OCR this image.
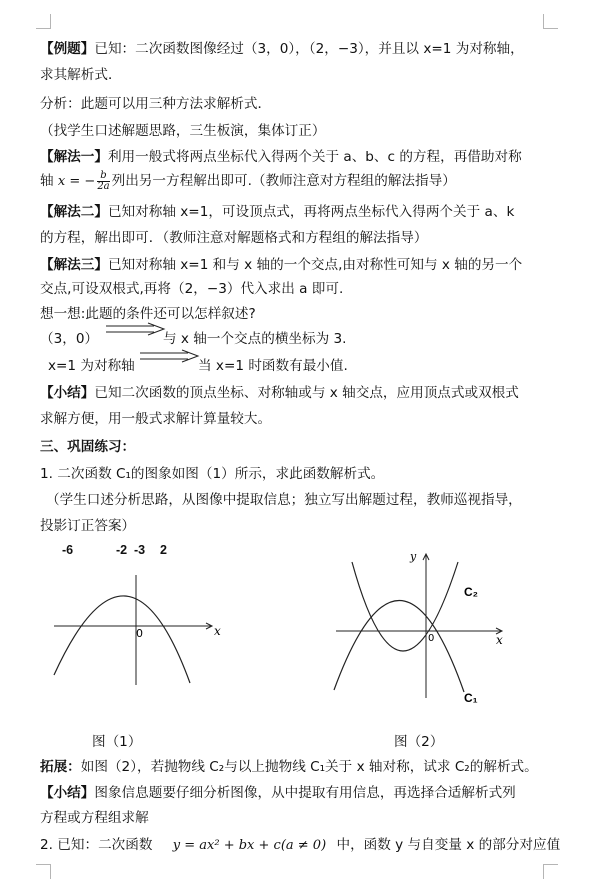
【例题】已知：二次函数图像经过（3，0），（2，−3），并且以 x=1 为对称轴，
求其解析式．
分析：此题可以用三种方法求解析式．
（找学生口述解题思路，三生板演，集体订正）
【解法一】利用一般式将两点坐标代入得两个关于 a、b、c 的方程，再借助对称
轴 x = − $\frac{b}{2a}$ 列出另一方程解出即可.（教师注意对方程组的解法指导）
【解法二】已知对称轴 x=1，可设顶点式，再将两点坐标代入得两个关于 a、k
的方程，解出即可．（教师注意对解题格式和方程组的解法指导）
【解法三】已知对称轴 x=1 和与 x 轴的一个交点,由对称性可知与 x 轴的另一个
交点,可设双根式,再将（2，−3）代入求出 a 即可.
想一想:此题的条件还可以怎样叙述?
（3，0）	与 x 轴一个交点的横坐标为 3.
x=1 为对称轴	当 x=1 时函数有最小值.
【小结】已知二次函数的顶点坐标、对称轴或与 x 轴交点，应用顶点式或双根式
求解方便，用一般式求解计算量较大。
三、巩固练习：
1. 二次函数 C₁的图象如图（1）所示，求此函数解析式。
（学生口述分析思路，从图像中提取信息；独立写出解题过程，教师巡视指导，
投影订正答案）
-6	-2 -3 2
x
0
图（1）
y
x
0
C₂
C₁
图（2）
拓展：如图（2），若抛物线 C₂与以上抛物线 C₁关于 x 轴对称，试求 C₂的解析式。
【小结】图象信息题要仔细分析图像，从中提取有用信息，再选择合适解析式列
方程或方程组求解
2. 已知：二次函数 y = ax² + bx + c(a ≠ 0) 中，函数 y 与自变量 x 的部分对应值
